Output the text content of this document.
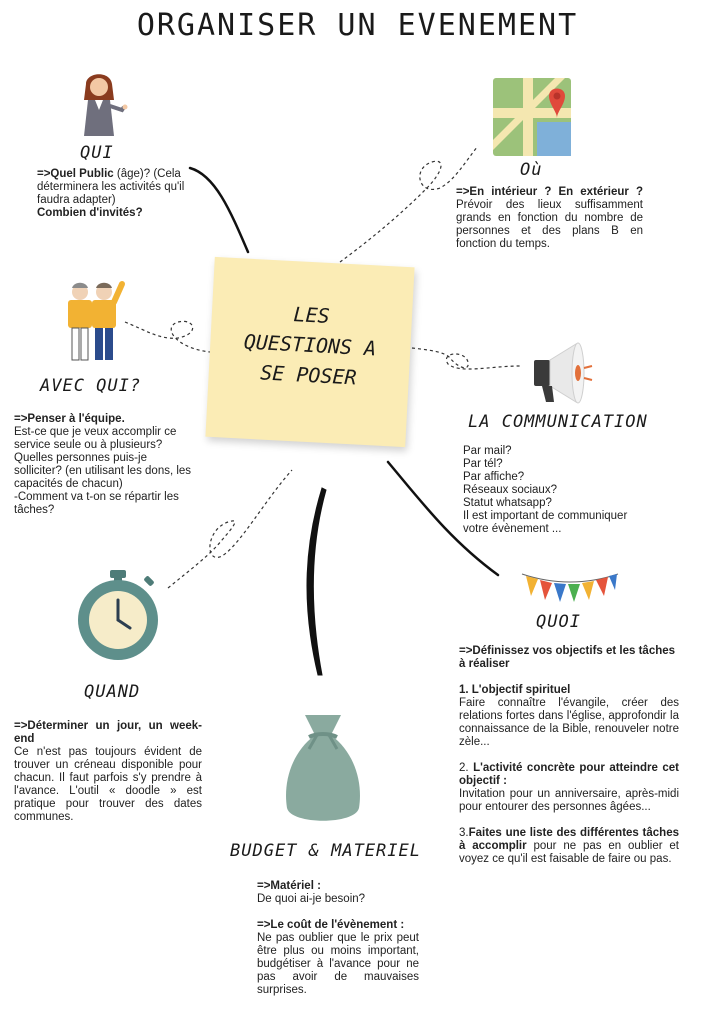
ORGANISER UN EVENEMENT
LES
QUESTIONS A
SE POSER
QUI
=>Quel Public (âge)? (Cela déterminera les activités qu'il faudra adapter)
Combien d'invités?
Où
=>En intérieur ? En extérieur ? Prévoir des lieux suffisamment grands en fonction du nombre de personnes et des plans B en fonction du temps.
AVEC QUI?
=>Penser à l'équipe.
Est-ce que je veux accomplir ce service seule ou à plusieurs?
Quelles personnes puis-je solliciter? (en utilisant les dons, les capacités de chacun)
-Comment va t-on se répartir les tâches?
LA COMMUNICATION
Par mail?
Par tél?
Par affiche?
Réseaux sociaux?
Statut whatsapp?
Il est important de communiquer votre évènement ...
QUAND
=>Déterminer un jour, un week-end
Ce n'est pas toujours évident de trouver un créneau disponible pour chacun. Il faut parfois s'y prendre à l'avance. L'outil « doodle » est pratique pour trouver des dates communes.
QUOI
=>Définissez vos objectifs et les tâches à réaliser
1. L'objectif spirituel
Faire connaître l'évangile, créer des relations fortes dans l'église, approfondir la connaissance de la Bible, renouveler notre zèle...
2. L'activité concrète pour atteindre cet objectif :
Invitation pour un anniversaire, après-midi pour entourer des personnes âgées...
3.Faites une liste des différentes tâches à accomplir pour ne pas en oublier et voyez ce qu'il est faisable de faire ou pas.
BUDGET & MATERIEL
=>Matériel :
De quoi ai-je besoin?
=>Le coût de l'évènement :
Ne pas oublier que le prix peut être plus ou moins important, budgétiser à l'avance pour ne pas avoir de mauvaises surprises.
